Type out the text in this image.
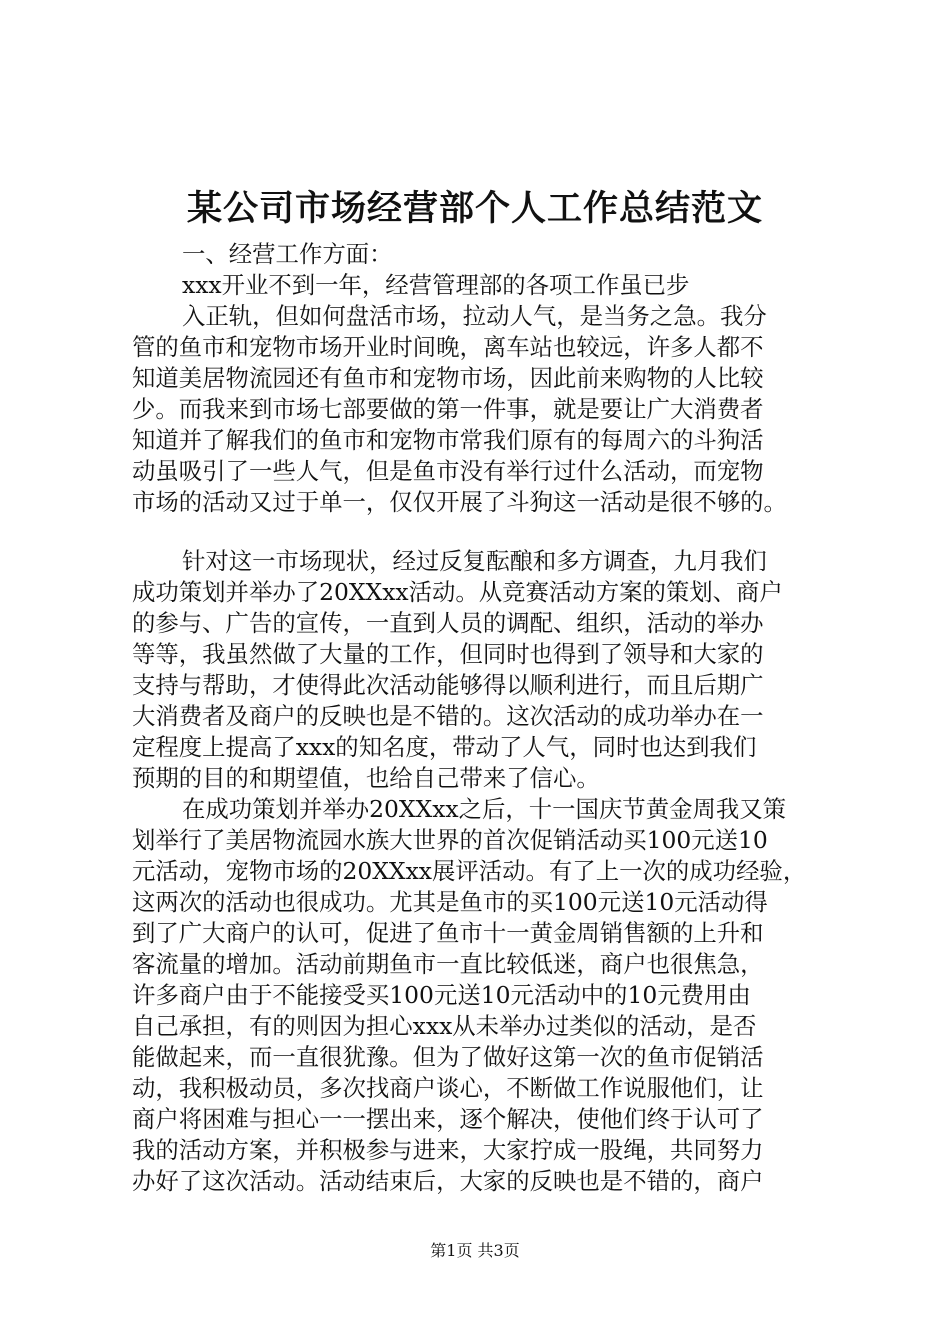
某公司市场经营部个人工作总结范文

一、经营工作方面：

xxx开业不到一年，经营管理部的各项工作虽已步

入正轨，但如何盘活市场，拉动人气，是当务之急。我分

管的鱼市和宠物市场开业时间晚，离车站也较远，许多人都不

知道美居物流园还有鱼市和宠物市场，因此前来购物的人比较

少。而我来到市场七部要做的第一件事，就是要让广大消费者

知道并了解我们的鱼市和宠物市常我们原有的每周六的斗狗活

动虽吸引了一些人气，但是鱼市没有举行过什么活动，而宠物

市场的活动又过于单一，仅仅开展了斗狗这一活动是很不够的。

针对这一市场现状，经过反复酝酿和多方调查，九月我们

成功策划并举办了20XXxx活动。从竞赛活动方案的策划、商户

的参与、广告的宣传，一直到人员的调配、组织，活动的举办

等等，我虽然做了大量的工作，但同时也得到了领导和大家的

支持与帮助，才使得此次活动能够得以顺利进行，而且后期广

大消费者及商户的反映也是不错的。这次活动的成功举办在一

定程度上提高了xxx的知名度，带动了人气，同时也达到我们

预期的目的和期望值，也给自己带来了信心。

在成功策划并举办20XXxx之后，十一国庆节黄金周我又策

划举行了美居物流园水族大世界的首次促销活动买100元送10

元活动，宠物市场的20XXxx展评活动。有了上一次的成功经验，

这两次的活动也很成功。尤其是鱼市的买100元送10元活动得

到了广大商户的认可，促进了鱼市十一黄金周销售额的上升和

客流量的增加。活动前期鱼市一直比较低迷，商户也很焦急，

许多商户由于不能接受买100元送10元活动中的10元费用由

自己承担，有的则因为担心xxx从未举办过类似的活动，是否

能做起来，而一直很犹豫。但为了做好这第一次的鱼市促销活

动，我积极动员，多次找商户谈心，不断做工作说服他们，让

商户将困难与担心一一摆出来，逐个解决，使他们终于认可了

我的活动方案，并积极参与进来，大家拧成一股绳，共同努力

办好了这次活动。活动结束后，大家的反映也是不错的，商户

第1页 共3页
